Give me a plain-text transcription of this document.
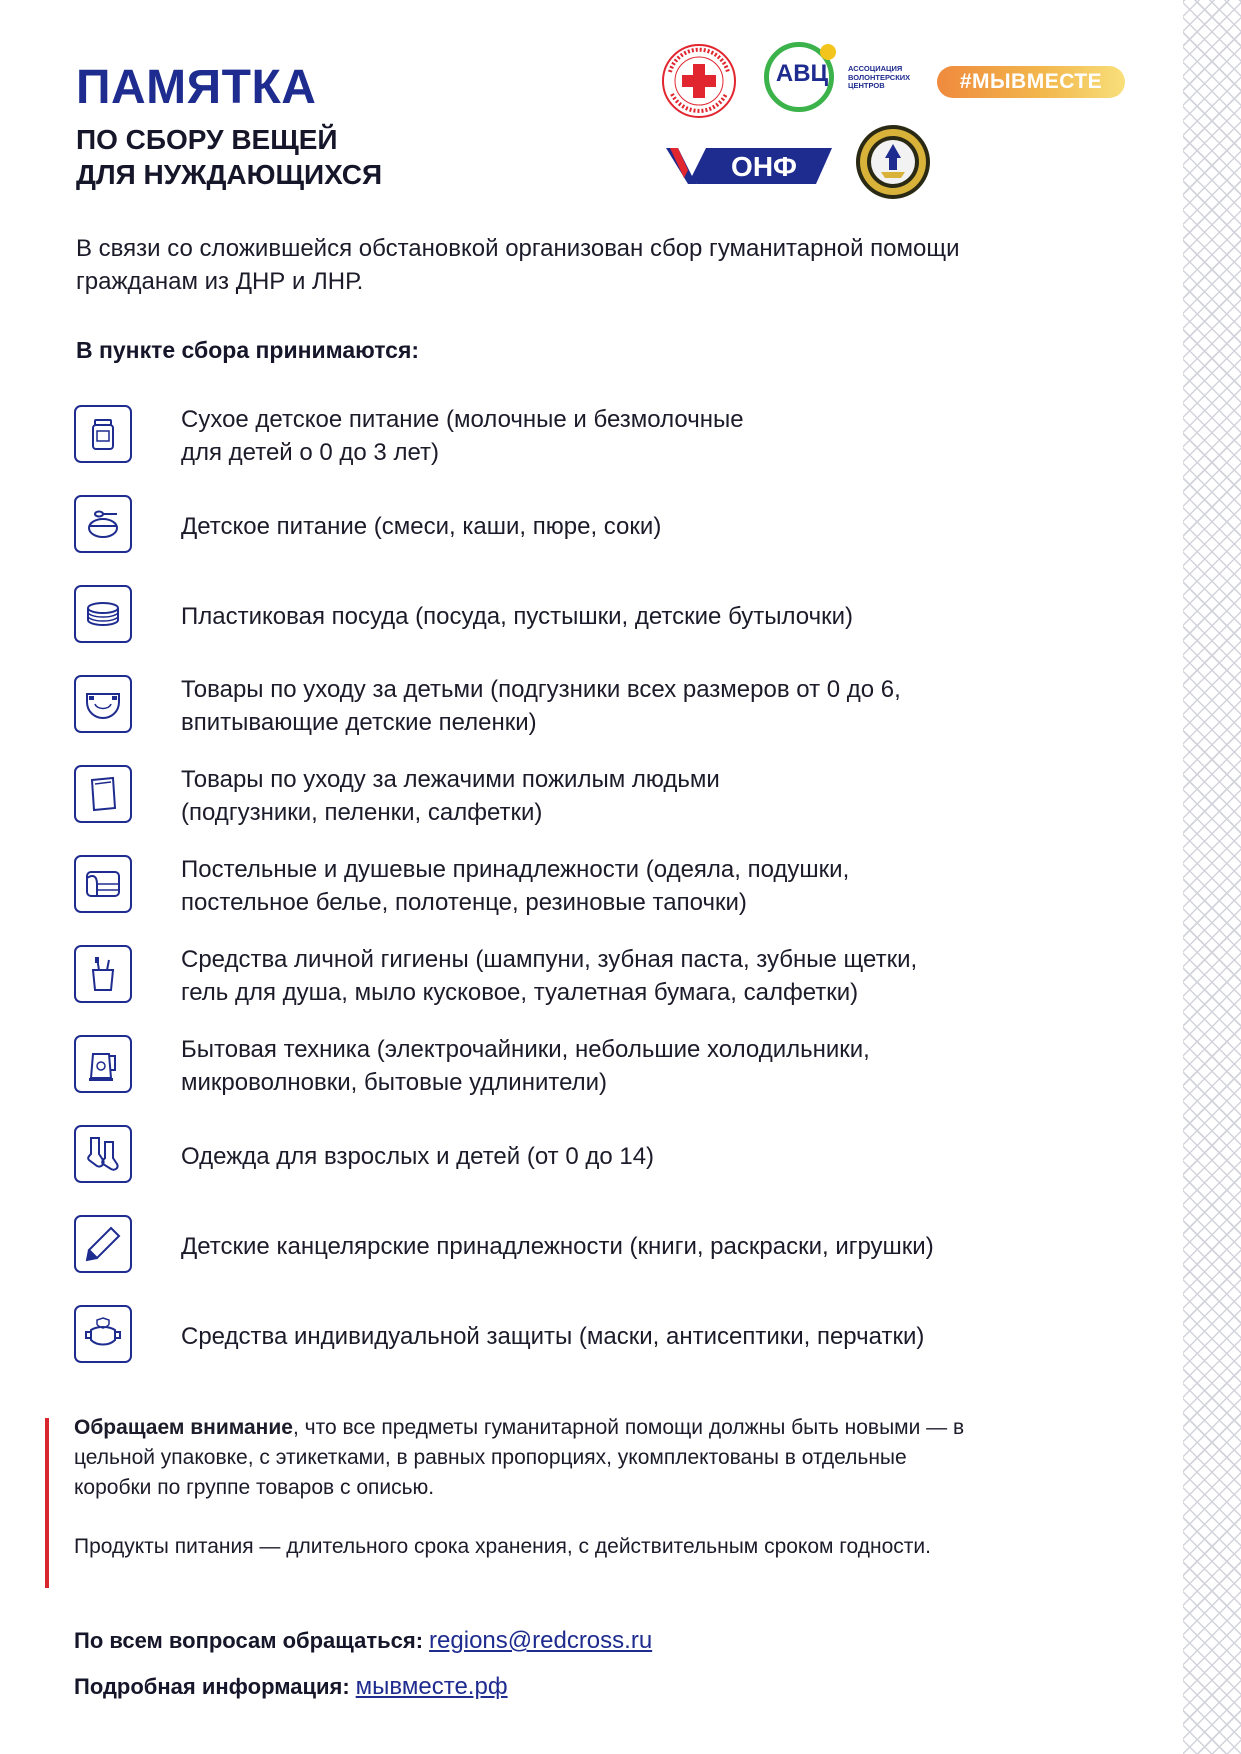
ПАМЯТКА
ПО СБОРУ ВЕЩЕЙ
ДЛЯ НУЖДАЮЩИХСЯ
АВЦ	АССОЦИАЦИЯ ВОЛОНТЕРСКИХ ЦЕНТРОВ	#МЫВМЕСТЕ
ОНФ

В связи со сложившейся обстановкой организован сбор гуманитарной помощи гражданам из ДНР и ЛНР.

В пункте сбора принимаются:

Сухое детское питание (молочные и безмолочные
для детей о 0 до 3 лет)
Детское питание (смеси, каши, пюре, соки)
Пластиковая посуда (посуда, пустышки, детские бутылочки)
Товары по уходу за детьми (подгузники всех размеров от 0 до 6,
впитывающие детские пеленки)
Товары по уходу за лежачими пожилым людьми
(подгузники, пеленки, салфетки)
Постельные и душевые принадлежности (одеяла, подушки,
постельное белье, полотенце, резиновые тапочки)
Средства личной гигиены (шампуни, зубная паста, зубные щетки,
гель для душа, мыло кусковое, туалетная бумага, салфетки)
Бытовая техника (электрочайники, небольшие холодильники,
микроволновки, бытовые удлинители)
Одежда для взрослых и детей (от 0 до 14)
Детские канцелярские принадлежности (книги, раскраски, игрушки)
Средства индивидуальной защиты (маски, антисептики, перчатки)

Обращаем внимание, что все предметы гуманитарной помощи должны быть новыми — в цельной упаковке, с этикетками, в равных пропорциях, укомплектованы в отдельные коробки по группе товаров с описью.

Продукты питания — длительного срока хранения, с действительным сроком годности.

По всем вопросам обращаться: regions@redcross.ru

Подробная информация: мывместе.рф
